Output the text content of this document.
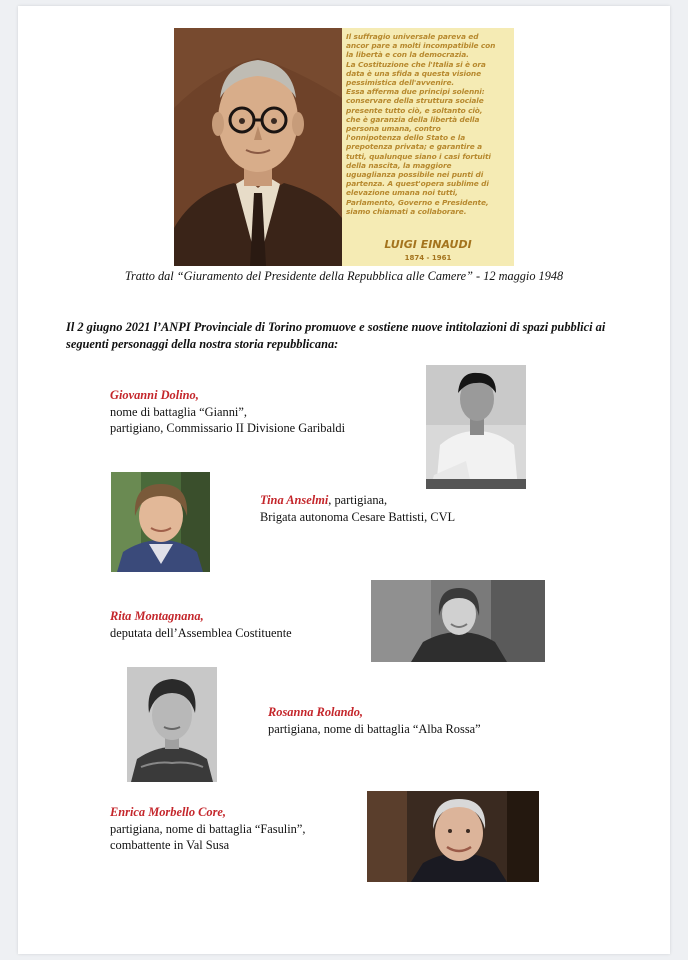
Il suffragio universale pareva ed
ancor pare a molti incompatibile con
la libertà e con la democrazia.
La Costituzione che l'Italia si è ora
data è una sfida a questa visione
pessimistica dell'avvenire.
Essa afferma due principi solenni:
conservare della struttura sociale
presente tutto ciò, e soltanto ciò,
che è garanzia della libertà della
persona umana, contro
l'onnipotenza dello Stato e la
prepotenza privata; e garantire a
tutti, qualunque siano i casi fortuiti
della nascita, la maggiore
uguaglianza possibile nei punti di
partenza. A quest'opera sublime di
elevazione umana noi tutti,
Parlamento, Governo e Presidente,
siamo chiamati a collaborare.
LUIGI EINAUDI
1874 - 1961
Tratto dal “Giuramento del Presidente della Repubblica alle Camere” - 12 maggio 1948
Il 2 giugno 2021 l’ANPI Provinciale di Torino promuove e sostiene nuove intitolazioni di spazi pubblici ai seguenti personaggi della nostra storia repubblicana:
Giovanni Dolino,
nome di battaglia “Gianni”,
partigiano, Commissario II Divisione Garibaldi
Tina Anselmi, partigiana,
Brigata autonoma Cesare Battisti, CVL
Rita Montagnana,
deputata dell’Assemblea Costituente
Rosanna Rolando,
partigiana, nome di battaglia “Alba Rossa”
Enrica Morbello Core,
partigiana, nome di battaglia “Fasulin”,
combattente in Val Susa
